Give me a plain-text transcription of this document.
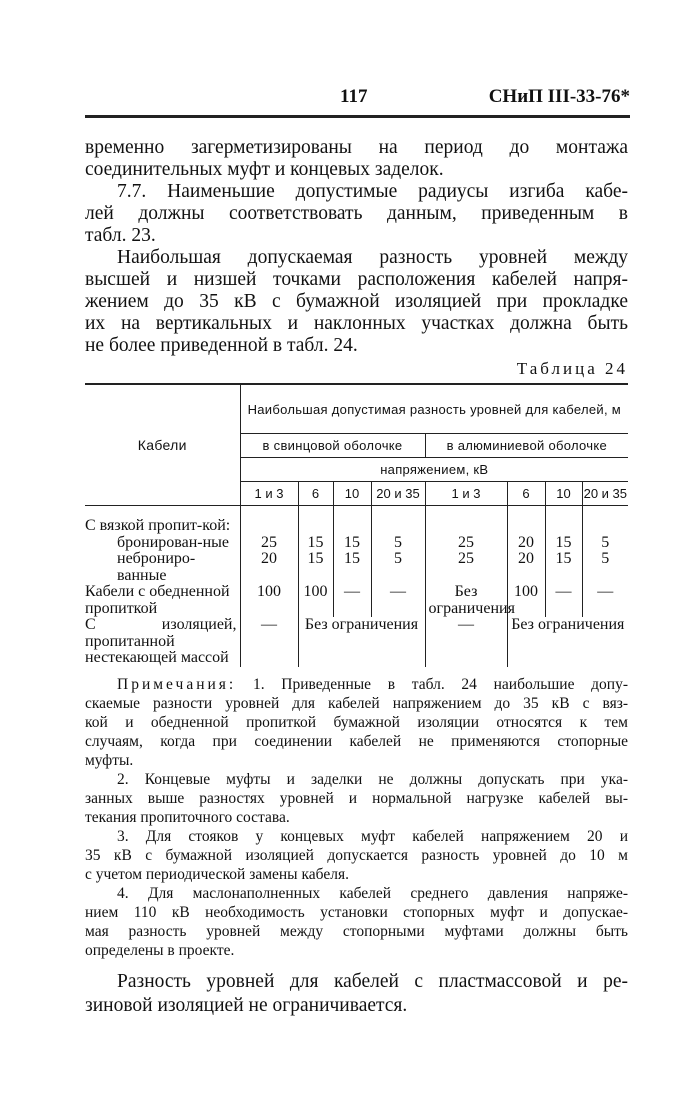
117	СНиП III-33-76*
временно загерметизированы на период до монтажа
соединительных муфт и концевых заделок.
7.7. Наименьшие допустимые радиусы изгиба кабе-
лей должны соответствовать данным, приведенным в
табл. 23.
Наибольшая допускаемая разность уровней между
высшей и низшей точками расположения кабелей напря-
жением до 35 кВ с бумажной изоляцией при прокладке
их на вертикальных и наклонных участках должна быть
не более приведенной в табл. 24.
Таблица 24
Кабели	Наибольшая допустимая разность уровней для кабелей, м							
	в свинцовой оболочке				в алюминиевой оболочке			
	напряжением, кВ							
	1 и 3	6	10	20 и 35	1 и 3	6	10	20 и 35
С вязкой пропит-кой:								
бронирован-ные	25	15	15	5	25	20	15	5
небронирo-ванные	20	15	15	5	25	20	15	5
Кабели с обедненной пропиткой	100	100	—	—	Без ограничения	100	—	—
С изоляцией, пропитанной нестекающей массой	—	Без ограничения			—	Без ограничения		
Примечания: 1. Приведенные в табл. 24 наибольшие допу-
скаемые разности уровней для кабелей напряжением до 35 кВ с вяз-
кой и обедненной пропиткой бумажной изоляции относятся к тем
случаям, когда при соединении кабелей не применяются стопорные
муфты.
2. Концевые муфты и заделки не должны допускать при ука-
занных выше разностях уровней и нормальной нагрузке кабелей вы-
текания пропиточного состава.
3. Для стояков у концевых муфт кабелей напряжением 20 и
35 кВ с бумажной изоляцией допускается разность уровней до 10 м
с учетом периодической замены кабеля.
4. Для маслонаполненных кабелей среднего давления напряже-
нием 110 кВ необходимость установки стопорных муфт и допускае-
мая разность уровней между стопорными муфтами должны быть
определены в проекте.
Разность уровней для кабелей с пластмассовой и ре-
зиновой изоляцией не ограничивается.
